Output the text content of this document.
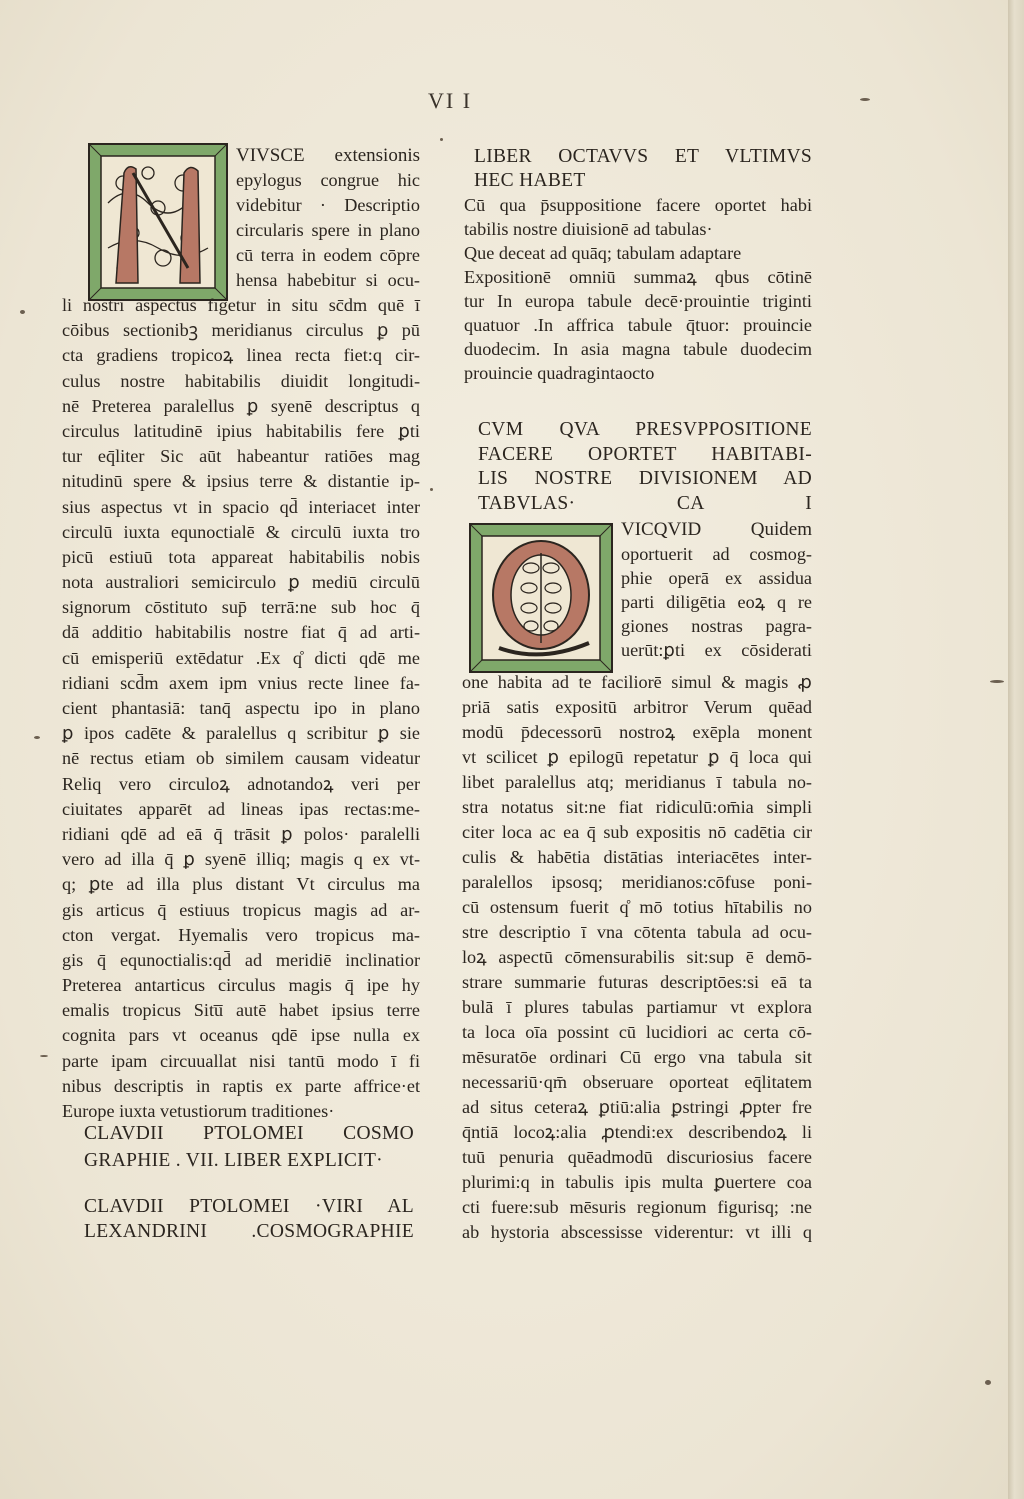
VI I
VIVSCE extensionis
epylogus congrue hic
videbitur · Descriptio
circularis spere in plano
cū terra in eodem cōpre
hensa habebitur si ocu-
li nostri aspectus figetur in situ sc̄dm quē ī
cōibus sectionibꝫ meridianus circulus ꝑ pū
cta gradiens tropicoꝝ linea recta fiet:q cir-
culus nostre habitabilis diuidit longitudi-
nē Preterea paralellus ꝑ syenē descriptus q
circulus latitudinē ipius habitabilis fere ꝑti
tur eq̄liter Sic aūt habeantur ratiōes mag
nitudinū spere & ipsius terre & distantie ip-
sius aspectus vt in spacio qd̄ interiacet inter
circulū iuxta equnoctialē & circulū iuxta tro
picū estiuū tota appareat habitabilis nobis
nota australiori semicirculo ꝑ mediū circulū
signorum cōstituto sup̄ terrā:ne sub hoc q̄
dā additio habitabilis nostre fiat q̄ ad arti-
cū emisperiū extēdatur .Ex q̊ dicti qdē me
ridiani scd̄m axem ipm vnius recte linee fa-
cient phantasiā: tanq̄ aspectu ipo in plano
ꝑ ipos cadēte & paralellus q scribitur ꝑ sie
nē rectus etiam ob similem causam videatur
Reliq vero circuloꝝ adnotandoꝝ veri per
ciuitates apparēt ad lineas ipas rectas:me-
ridiani qdē ad eā q̄ trāsit ꝑ polos· paralelli
vero ad illa q̄ ꝑ syenē illiq; magis q ex vt-
q; ꝑte ad illa plus distant Vt circulus ma
gis articus q̄ estiuus tropicus magis ad ar-
cton vergat. Hyemalis vero tropicus ma-
gis q̄ equnoctialis:qd̄ ad meridiē inclinatior
Preterea antarticus circulus magis q̄ ipe hy
emalis tropicus Situ̅ autē habet ipsius terre
cognita pars vt oceanus qdē ipse nulla ex
parte ipam circuuallat nisi tantū modo ī fi
nibus descriptis in raptis ex parte affrice·et
Europe iuxta vetustiorum traditiones·
CLAVDII PTOLOMEI COSMO
GRAPHIE . VII. LIBER EXPLICIT·
CLAVDII PTOLOMEI ·VIRI AL
LEXANDRINI .COSMOGRAPHIE
LIBER OCTAVVS ET VLTIMVS
HEC HABET
Cū qua p̄suppositione facere oportet habi
tabilis nostre diuisionē ad tabulas·
Que deceat ad quāq; tabulam adaptare
Expositionē omniū summaꝝ qbus cōtinē
tur In europa tabule decē·prouintie triginti
quatuor .In affrica tabule q̄tuor: prouincie
duodecim. In asia magna tabule duodecim
prouincie quadragintaocto
CVM QVA PRESVPPOSITIONE
FACERE OPORTET HABITABI-
LIS NOSTRE DIVISIONEM AD
TABVLAS· CA I
VICQVID Quidem
oportuerit ad cosmog-
phie operā ex assidua
parti diligētia eoꝝ q re
giones nostras pagra-
uerūt:ꝑti ex cōsiderati
one habita ad te faciliorē simul & magis ꝓ
priā satis expositū arbitror Verum quēad
modū p̄decessorū nostroꝝ exēpla monent
vt scilicet ꝑ epilogū repetatur ꝑ q̄ loca qui
libet paralellus atq; meridianus ī tabula no-
stra notatus sit:ne fiat ridiculū:om̄ia simpli
citer loca ac ea q̄ sub expositis nō cadētia cir
culis & habētia distātias interiacētes inter-
paralellos ipsosq; meridianos:cōfuse poni-
cū ostensum fuerit q̊ mō totius hītabilis no
stre descriptio ī vna cōtenta tabula ad ocu-
loꝝ aspectū cōmensurabilis sit:sup ē demō-
strare summarie futuras descriptōes:si eā ta
bulā ī plures tabulas partiamur vt explora
ta loca oīa possint cū lucidiori ac certa cō-
mēsuratōe ordinari Cū ergo vna tabula sit
necessariū·qm̄ obseruare oporteat eq̄litatem
ad situs ceteraꝝ ꝑtiū:alia ꝑstringi ꝓpter fre
q̄ntiā locoꝝ:alia ꝓtendi:ex describendoꝝ li
tuū penuria quēadmodū discuriosius facere
plurimi:q in tabulis ipis multa ꝑuertere coa
cti fuere:sub mēsuris regionum figurisq; :ne
ab hystoria abscessisse viderentur: vt illi q
